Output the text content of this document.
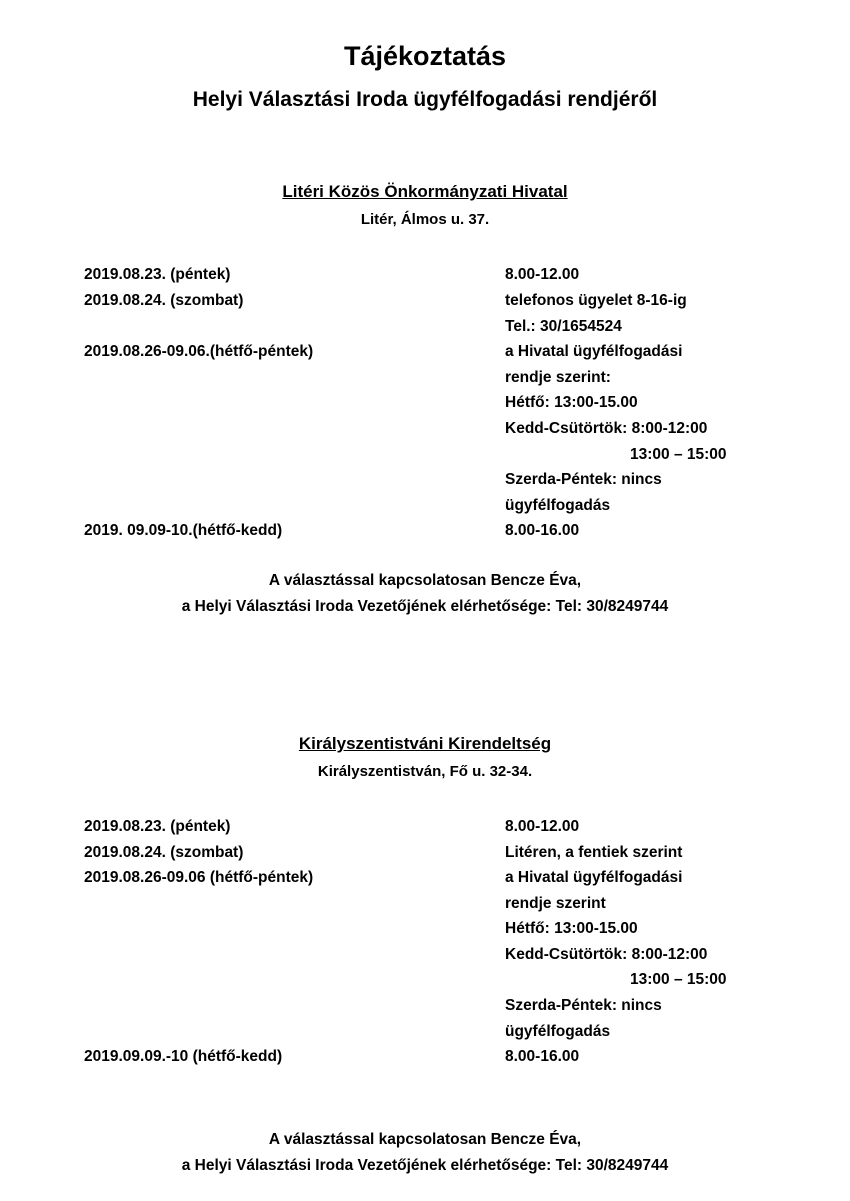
Tájékoztatás
Helyi Választási Iroda ügyfélfogadási rendjéről
Litéri Közös Önkormányzati Hivatal
Litér, Álmos u. 37.
2019.08.23. (péntek)	8.00-12.00
2019.08.24. (szombat)	telefonos ügyelet 8-16-ig
Tel.: 30/1654524
2019.08.26-09.06.(hétfő-péntek)	a Hivatal ügyfélfogadási
rendje szerint:
Hétfő: 13:00-15.00
Kedd-Csütörtök: 8:00-12:00
13:00 – 15:00
Szerda-Péntek: nincs
ügyfélfogadás
2019. 09.09-10.(hétfő-kedd)	8.00-16.00
A választással kapcsolatosan Bencze Éva,
a Helyi Választási Iroda Vezetőjének elérhetősége: Tel: 30/8249744
Királyszentistváni Kirendeltség
Királyszentistván, Fő u. 32-34.
2019.08.23. (péntek)	8.00-12.00
2019.08.24. (szombat)	Litéren, a fentiek szerint
2019.08.26-09.06 (hétfő-péntek)	a Hivatal ügyfélfogadási
rendje szerint
Hétfő: 13:00-15.00
Kedd-Csütörtök: 8:00-12:00
13:00 – 15:00
Szerda-Péntek: nincs
ügyfélfogadás
2019.09.09.-10 (hétfő-kedd)	8.00-16.00
A választással kapcsolatosan Bencze Éva,
a Helyi Választási Iroda Vezetőjének elérhetősége: Tel: 30/8249744
